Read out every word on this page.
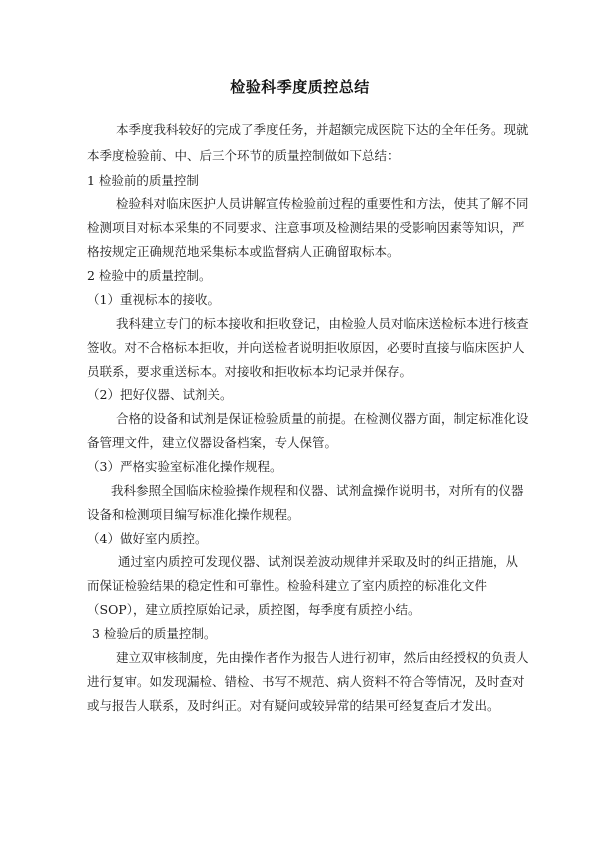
检验科季度质控总结
本季度我科较好的完成了季度任务，并超额完成医院下达的全年任务。现就
本季度检验前、中、后三个环节的质量控制做如下总结：
1 检验前的质量控制
检验科对临床医护人员讲解宣传检验前过程的重要性和方法，使其了解不同
检测项目对标本采集的不同要求、注意事项及检测结果的受影响因素等知识，严
格按规定正确规范地采集标本或监督病人正确留取标本。
2 检验中的质量控制。
（1）重视标本的接收。
我科建立专门的标本接收和拒收登记，由检验人员对临床送检标本进行核查
签收。对不合格标本拒收，并向送检者说明拒收原因，必要时直接与临床医护人
员联系，要求重送标本。对接收和拒收标本均记录并保存。
（2）把好仪器、试剂关。
合格的设备和试剂是保证检验质量的前提。在检测仪器方面，制定标准化设
备管理文件，建立仪器设备档案，专人保管。
（3）严格实验室标准化操作规程。
我科参照全国临床检验操作规程和仪器、试剂盒操作说明书，对所有的仪器
设备和检测项目编写标准化操作规程。
（4）做好室内质控。
通过室内质控可发现仪器、试剂误差波动规律并采取及时的纠正措施，从
而保证检验结果的稳定性和可靠性。检验科建立了室内质控的标准化文件
（SOP），建立质控原始记录，质控图，每季度有质控小结。
3 检验后的质量控制。
建立双审核制度，先由操作者作为报告人进行初审，然后由经授权的负责人
进行复审。如发现漏检、错检、书写不规范、病人资料不符合等情况，及时查对
或与报告人联系，及时纠正。对有疑问或较异常的结果可经复查后才发出。
